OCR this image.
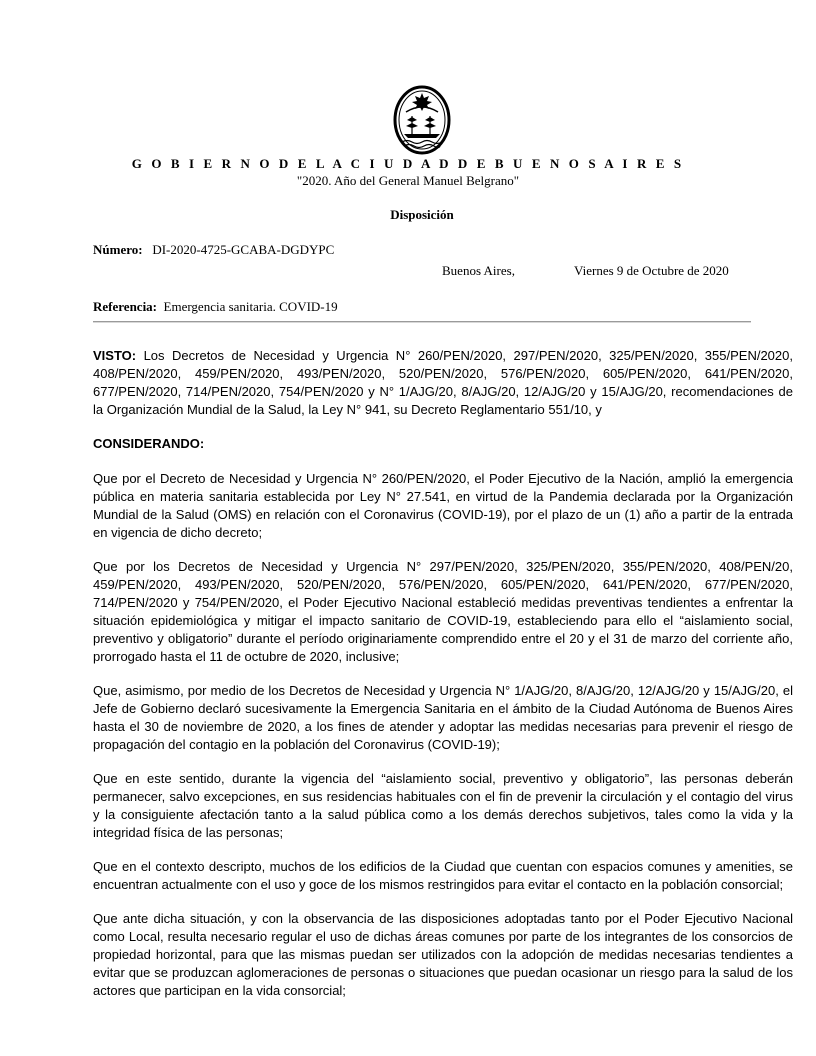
G O B I E R N O D E L A C I U D A D D E B U E N O S A I R E S
"2020. Año del General Manuel Belgrano"
Disposición
Número: DI-2020-4725-GCABA-DGDYPC
Buenos Aires,	Viernes 9 de Octubre de 2020
Referencia: Emergencia sanitaria. COVID-19

VISTO: Los Decretos de Necesidad y Urgencia N° 260/PEN/2020, 297/PEN/2020, 325/PEN/2020, 355/PEN/2020, 408/PEN/2020, 459/PEN/2020, 493/PEN/2020, 520/PEN/2020, 576/PEN/2020, 605/PEN/2020, 641/PEN/2020, 677/PEN/2020, 714/PEN/2020, 754/PEN/2020 y N° 1/AJG/20, 8/AJG/20, 12/AJG/20 y 15/AJG/20, recomendaciones de la Organización Mundial de la Salud, la Ley N° 941, su Decreto Reglamentario 551/10, y

CONSIDERANDO:

Que por el Decreto de Necesidad y Urgencia N° 260/PEN/2020, el Poder Ejecutivo de la Nación, amplió la emergencia pública en materia sanitaria establecida por Ley N° 27.541, en virtud de la Pandemia declarada por la Organización Mundial de la Salud (OMS) en relación con el Coronavirus (COVID-19), por el plazo de un (1) año a partir de la entrada en vigencia de dicho decreto;

Que por los Decretos de Necesidad y Urgencia N° 297/PEN/2020, 325/PEN/2020, 355/PEN/2020, 408/PEN/20, 459/PEN/2020, 493/PEN/2020, 520/PEN/2020, 576/PEN/2020, 605/PEN/2020, 641/PEN/2020, 677/PEN/2020, 714/PEN/2020 y 754/PEN/2020, el Poder Ejecutivo Nacional estableció medidas preventivas tendientes a enfrentar la situación epidemiológica y mitigar el impacto sanitario de COVID-19, estableciendo para ello el “aislamiento social, preventivo y obligatorio” durante el período originariamente comprendido entre el 20 y el 31 de marzo del corriente año, prorrogado hasta el 11 de octubre de 2020, inclusive;

Que, asimismo, por medio de los Decretos de Necesidad y Urgencia N° 1/AJG/20, 8/AJG/20, 12/AJG/20 y 15/AJG/20, el Jefe de Gobierno declaró sucesivamente la Emergencia Sanitaria en el ámbito de la Ciudad Autónoma de Buenos Aires hasta el 30 de noviembre de 2020, a los fines de atender y adoptar las medidas necesarias para prevenir el riesgo de propagación del contagio en la población del Coronavirus (COVID-19);

Que en este sentido, durante la vigencia del “aislamiento social, preventivo y obligatorio”, las personas deberán permanecer, salvo excepciones, en sus residencias habituales con el fin de prevenir la circulación y el contagio del virus y la consiguiente afectación tanto a la salud pública como a los demás derechos subjetivos, tales como la vida y la integridad física de las personas;

Que en el contexto descripto, muchos de los edificios de la Ciudad que cuentan con espacios comunes y amenities, se encuentran actualmente con el uso y goce de los mismos restringidos para evitar el contacto en la población consorcial;

Que ante dicha situación, y con la observancia de las disposiciones adoptadas tanto por el Poder Ejecutivo Nacional como Local, resulta necesario regular el uso de dichas áreas comunes por parte de los integrantes de los consorcios de propiedad horizontal, para que las mismas puedan ser utilizados con la adopción de medidas necesarias tendientes a evitar que se produzcan aglomeraciones de personas o situaciones que puedan ocasionar un riesgo para la salud de los actores que participan en la vida consorcial;
